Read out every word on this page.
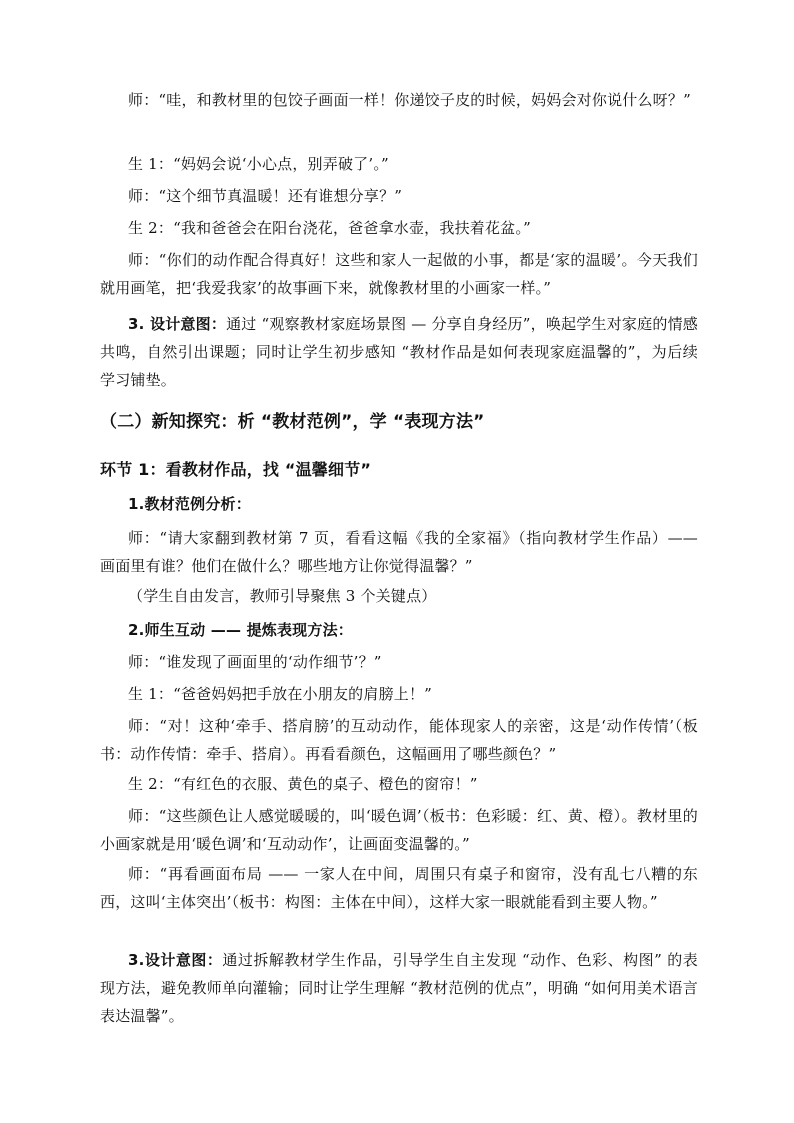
师：“哇，和教材里的包饺子画面一样！你递饺子皮的时候，妈妈会对你说什么呀？”

生 1：“妈妈会说‘小心点，别弄破了’。”

师：“这个细节真温暖！还有谁想分享？”

生 2：“我和爸爸会在阳台浇花，爸爸拿水壶，我扶着花盆。”

师：“你们的动作配合得真好！这些和家人一起做的小事，都是‘家的温暖’。今天我们就用画笔，把‘我爱我家’的故事画下来，就像教材里的小画家一样。”

3. 设计意图：通过 “观察教材家庭场景图 — 分享自身经历”，唤起学生对家庭的情感共鸣，自然引出课题；同时让学生初步感知 “教材作品是如何表现家庭温馨的”，为后续学习铺垫。

（二）新知探究：析 “教材范例”，学 “表现方法”

环节 1：看教材作品，找 “温馨细节”

1.教材范例分析：

师：“请大家翻到教材第 7 页，看看这幅《我的全家福》（指向教材学生作品）—— 画面里有谁？他们在做什么？哪些地方让你觉得温馨？”

（学生自由发言，教师引导聚焦 3 个关键点）

2.师生互动 —— 提炼表现方法：

师：“谁发现了画面里的‘动作细节’？”

生 1：“爸爸妈妈把手放在小朋友的肩膀上！”

师：“对！这种‘牵手、搭肩膀’的互动动作，能体现家人的亲密，这是‘动作传情’（板书：动作传情：牵手、搭肩）。再看看颜色，这幅画用了哪些颜色？”

生 2：“有红色的衣服、黄色的桌子、橙色的窗帘！”

师：“这些颜色让人感觉暖暖的，叫‘暖色调’（板书：色彩暖：红、黄、橙）。教材里的小画家就是用‘暖色调’和‘互动动作’，让画面变温馨的。”

师：“再看画面布局 —— 一家人在中间，周围只有桌子和窗帘，没有乱七八糟的东西，这叫‘主体突出’（板书：构图：主体在中间），这样大家一眼就能看到主要人物。”

3.设计意图：通过拆解教材学生作品，引导学生自主发现 “动作、色彩、构图” 的表现方法，避免教师单向灌输；同时让学生理解 “教材范例的优点”，明确 “如何用美术语言表达温馨”。
